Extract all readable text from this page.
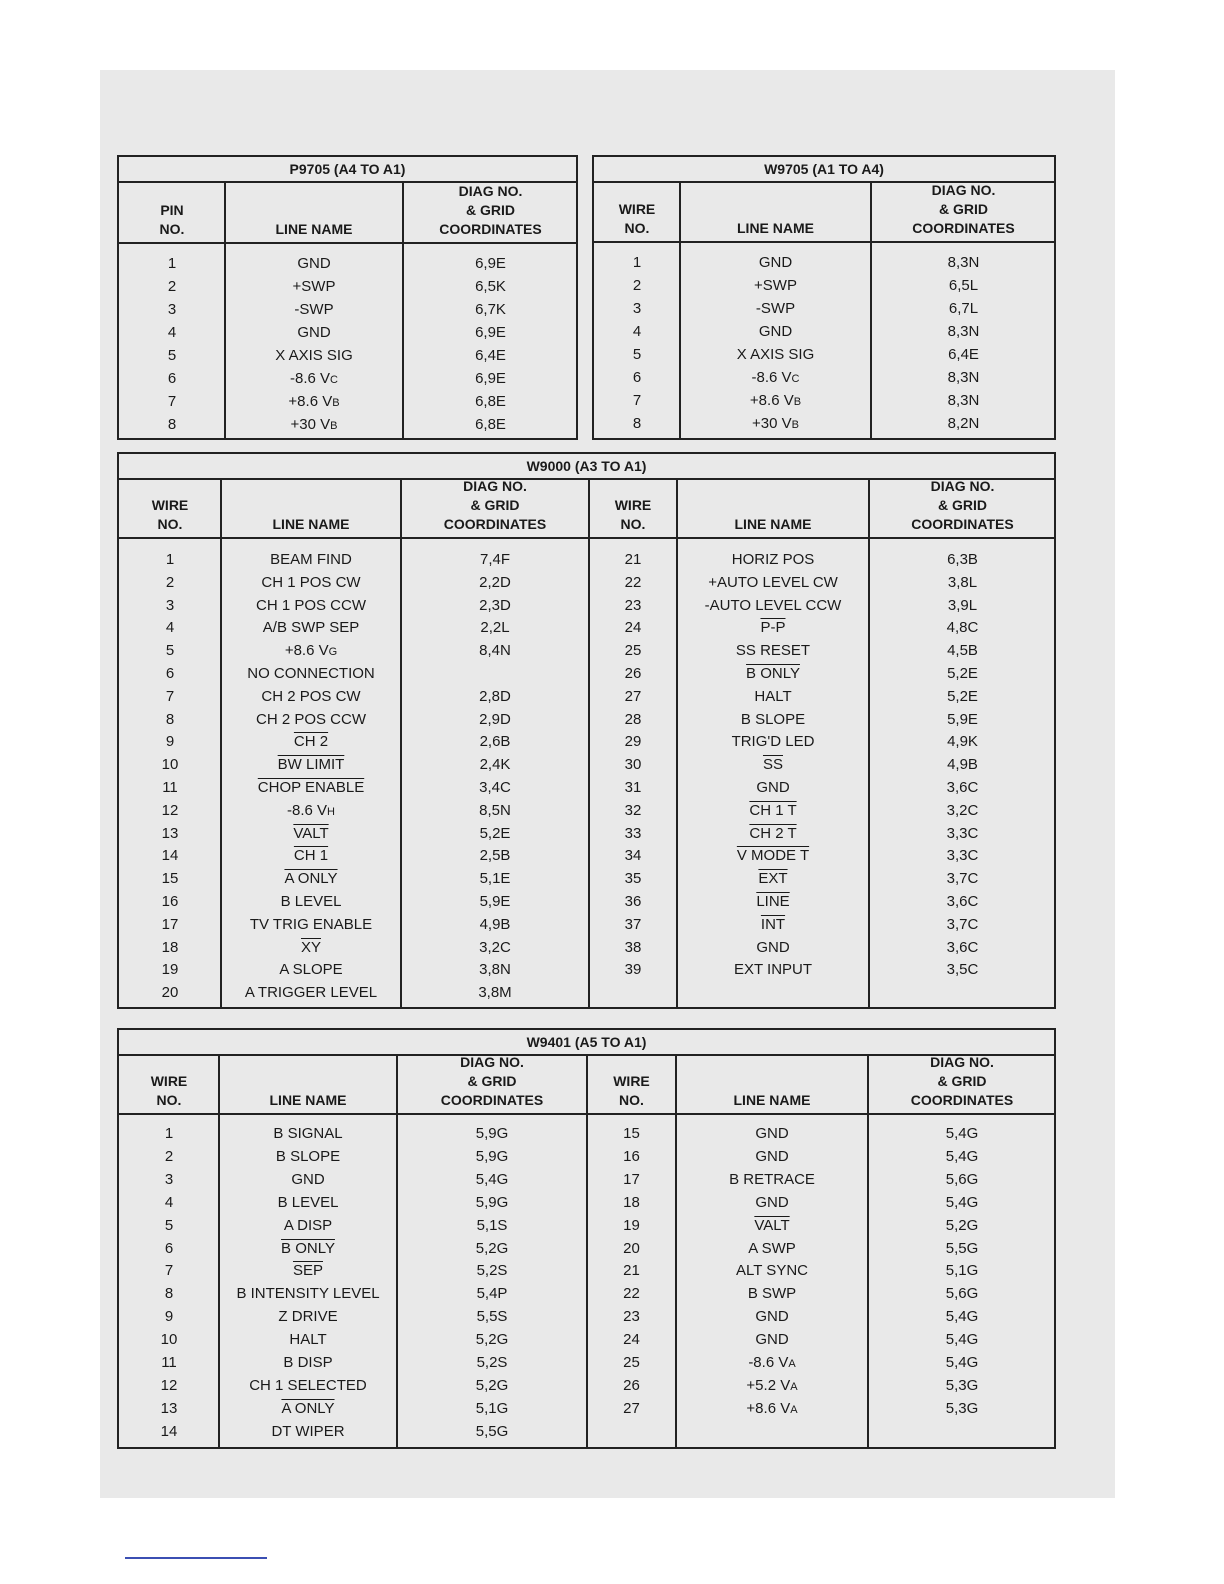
P9705 (A4 TO A1)
PIN
NO.	LINE NAME
DIAG NO.
& GRID
COORDINATES
1	GND	6,9E
2	+SWP	6,5K
3	-SWP	6,7K
4	GND	6,9E
5	X AXIS SIG	6,4E
6	-8.6 VC	6,9E
7	+8.6 VB	6,8E
8	+30 VB	6,8E
W9705 (A1 TO A4)
WIRE
NO.	LINE NAME
DIAG NO.
& GRID
COORDINATES
1	GND	8,3N
2	+SWP	6,5L
3	-SWP	6,7L
4	GND	8,3N
5	X AXIS SIG	6,4E
6	-8.6 VC	8,3N
7	+8.6 VB	8,3N
8	+30 VB	8,2N
W9000 (A3 TO A1)
WIRE
NO.	LINE NAME
DIAG NO.
& GRID
COORDINATES
WIRE
NO.	LINE NAME
DIAG NO.
& GRID
COORDINATES
1	BEAM FIND	7,4F
2	CH 1 POS CW	2,2D
3	CH 1 POS CCW	2,3D
4	A/B SWP SEP	2,2L
5	+8.6 VG	8,4N
6	NO CONNECTION
7	CH 2 POS CW	2,8D
8	CH 2 POS CCW	2,9D
9	CH 2	2,6B
10	BW LIMIT	2,4K
11	CHOP ENABLE	3,4C
12	-8.6 VH	8,5N
13	VALT	5,2E
14	CH 1	2,5B
15	A ONLY	5,1E
16	B LEVEL	5,9E
17	TV TRIG ENABLE	4,9B
18	$\overline{XY}$	3,2C
19	A SLOPE	3,8N
20	A TRIGGER LEVEL	3,8M
21	HORIZ POS	6,3B
22	+AUTO LEVEL CW	3,8L
23	-AUTO LEVEL CCW	3,9L
24	P-P	4,8C
25	SS RESET	4,5B
26	B ONLY	5,2E
27	HALT	5,2E
28	B SLOPE	5,9E
29	TRIG'D LED	4,9K
30	$\overline{SS}$	4,9B
31	GND	3,6C
32	CH 1 T	3,2C
33	CH 2 T	3,3C
34	V MODE T	3,3C
35	$\overline{EXT}$	3,7C
36	LINE	3,6C
37	$\overline{INT}$	3,7C
38	GND	3,6C
39	EXT INPUT	3,5C
W9401 (A5 TO A1)
WIRE
NO.	LINE NAME
DIAG NO.
& GRID
COORDINATES
WIRE
NO.	LINE NAME
DIAG NO.
& GRID
COORDINATES
1	B SIGNAL	5,9G
2	B SLOPE	5,9G
3	GND	5,4G
4	B LEVEL	5,9G
5	A DISP	5,1S
6	B ONLY	5,2G
7	$\overline{SEP}$	5,2S
8	B INTENSITY LEVEL	5,4P
9	Z DRIVE	5,5S
10	HALT	5,2G
11	B DISP	5,2S
12	CH 1 SELECTED	5,2G
13	A ONLY	5,1G
14	DT WIPER	5,5G
15	GND	5,4G
16	GND	5,4G
17	B RETRACE	5,6G
18	GND	5,4G
19	VALT	5,2G
20	A SWP	5,5G
21	ALT SYNC	5,1G
22	B SWP	5,6G
23	GND	5,4G
24	GND	5,4G
25	-8.6 VA	5,4G
26	+5.2 VA	5,3G
27	+8.6 VA	5,3G
